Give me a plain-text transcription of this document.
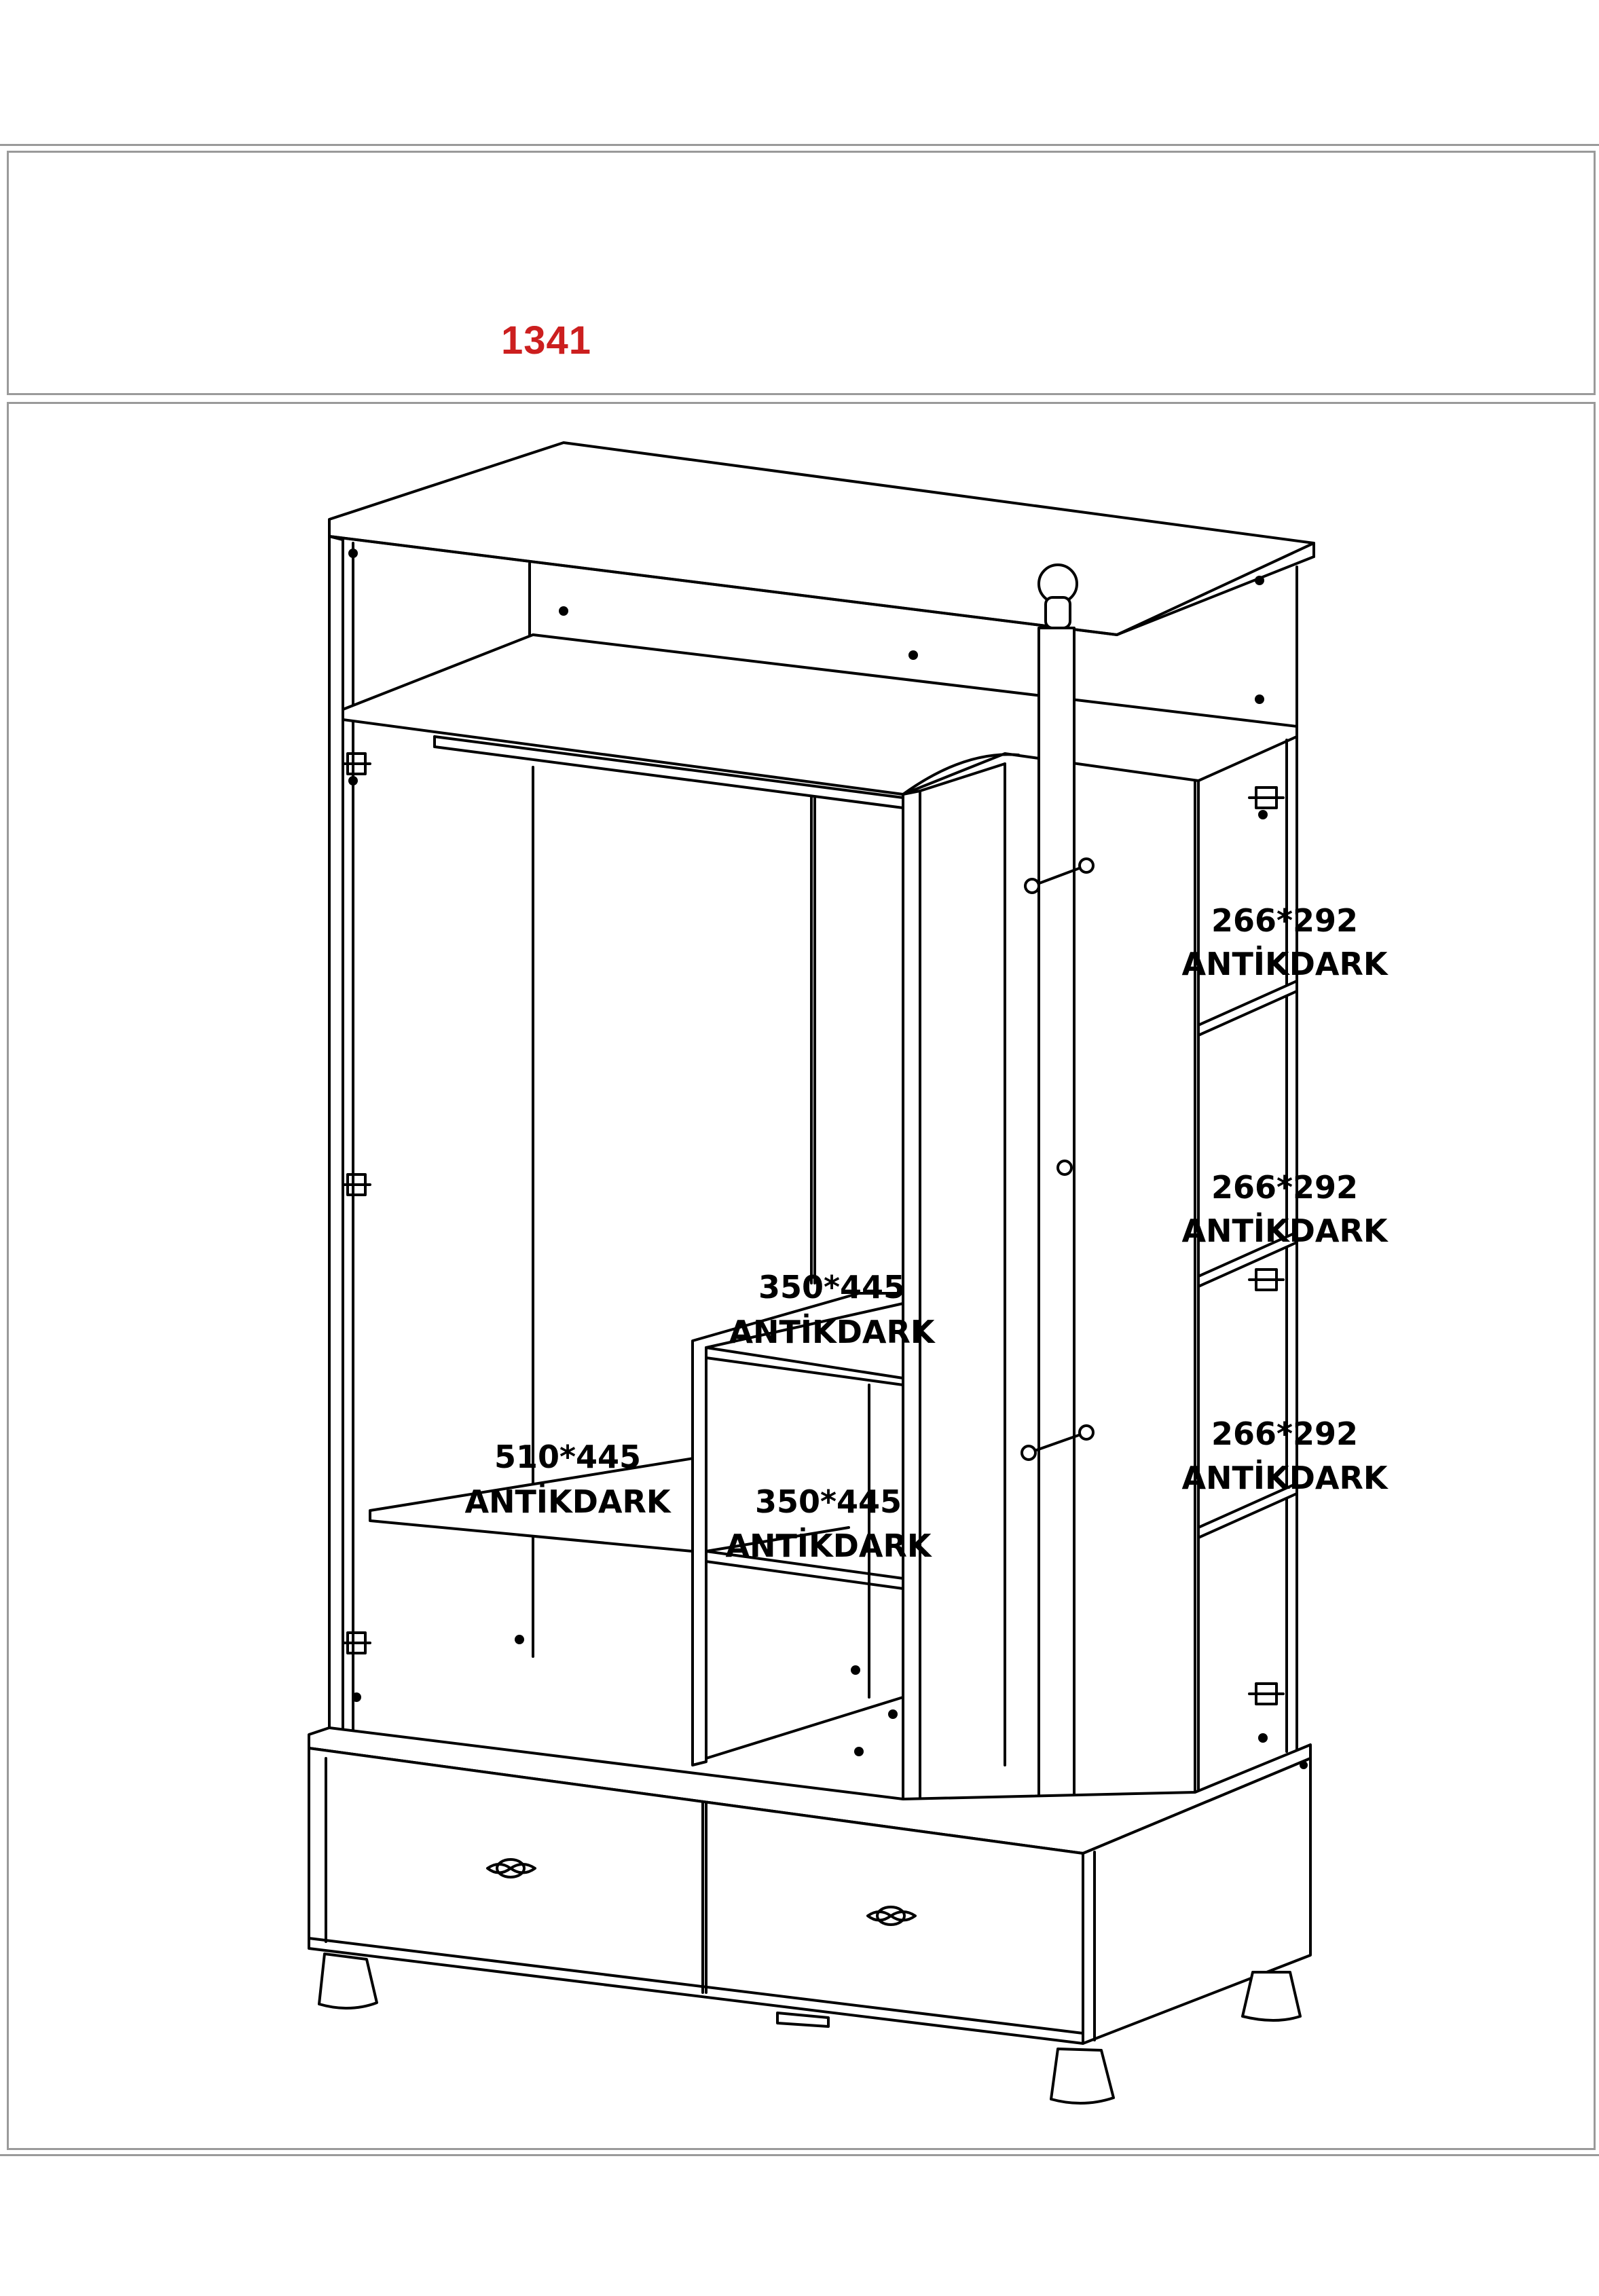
1341
266*292
ANTİKDARK
266*292
ANTİKDARK
266*292
ANTİKDARK
350*445
ANTİKDARK
350*445
ANTİKDARK
510*445
ANTİKDARK
